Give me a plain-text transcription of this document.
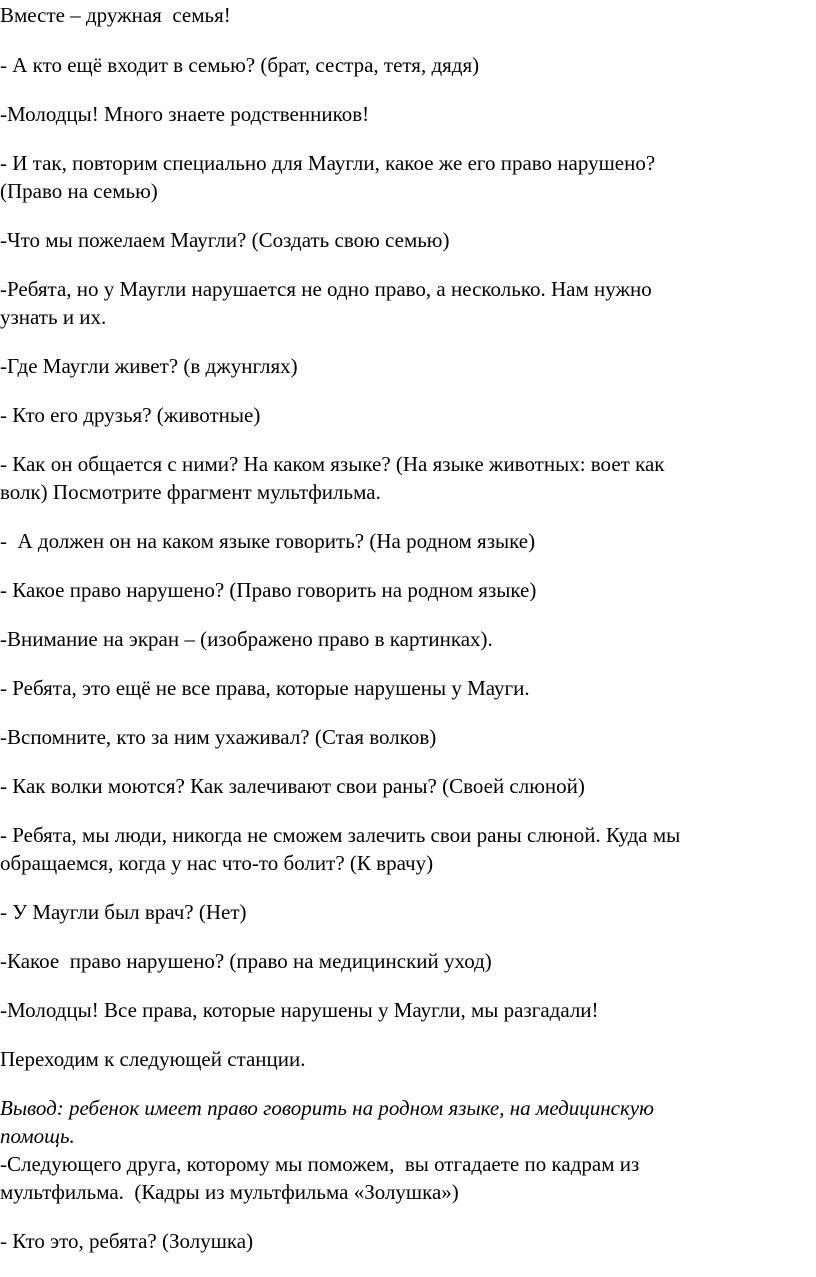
Вместе – дружная  семья!

- А кто ещё входит в семью? (брат, сестра, тетя, дядя)

-Молодцы! Много знаете родственников!

- И так, повторим специально для Маугли, какое же его право нарушено?
(Право на семью)

-Что мы пожелаем Маугли? (Создать свою семью)

-Ребята, но у Маугли нарушается не одно право, а несколько. Нам нужно
узнать и их.

-Где Маугли живет? (в джунглях)

- Кто его друзья? (животные)

- Как он общается с ними? На каком языке? (На языке животных: воет как
волк) Посмотрите фрагмент мультфильма.

-  А должен он на каком языке говорить? (На родном языке)

- Какое право нарушено? (Право говорить на родном языке)

-Внимание на экран – (изображено право в картинках).

- Ребята, это ещё не все права, которые нарушены у Мауги.

-Вспомните, кто за ним ухаживал? (Стая волков)

- Как волки моются? Как залечивают свои раны? (Своей слюной)

- Ребята, мы люди, никогда не сможем залечить свои раны слюной. Куда мы
обращаемся, когда у нас что-то болит? (К врачу)

- У Маугли был врач? (Нет)

-Какое  право нарушено? (право на медицинский уход)

-Молодцы! Все права, которые нарушены у Маугли, мы разгадали!

Переходим к следующей станции.

Вывод: ребенок имеет право говорить на родном языке, на медицинскую
помощь.

-Следующего друга, которому мы поможем,  вы отгадаете по кадрам из
мультфильма.  (Кадры из мультфильма «Золушка»)

- Кто это, ребята? (Золушка)
